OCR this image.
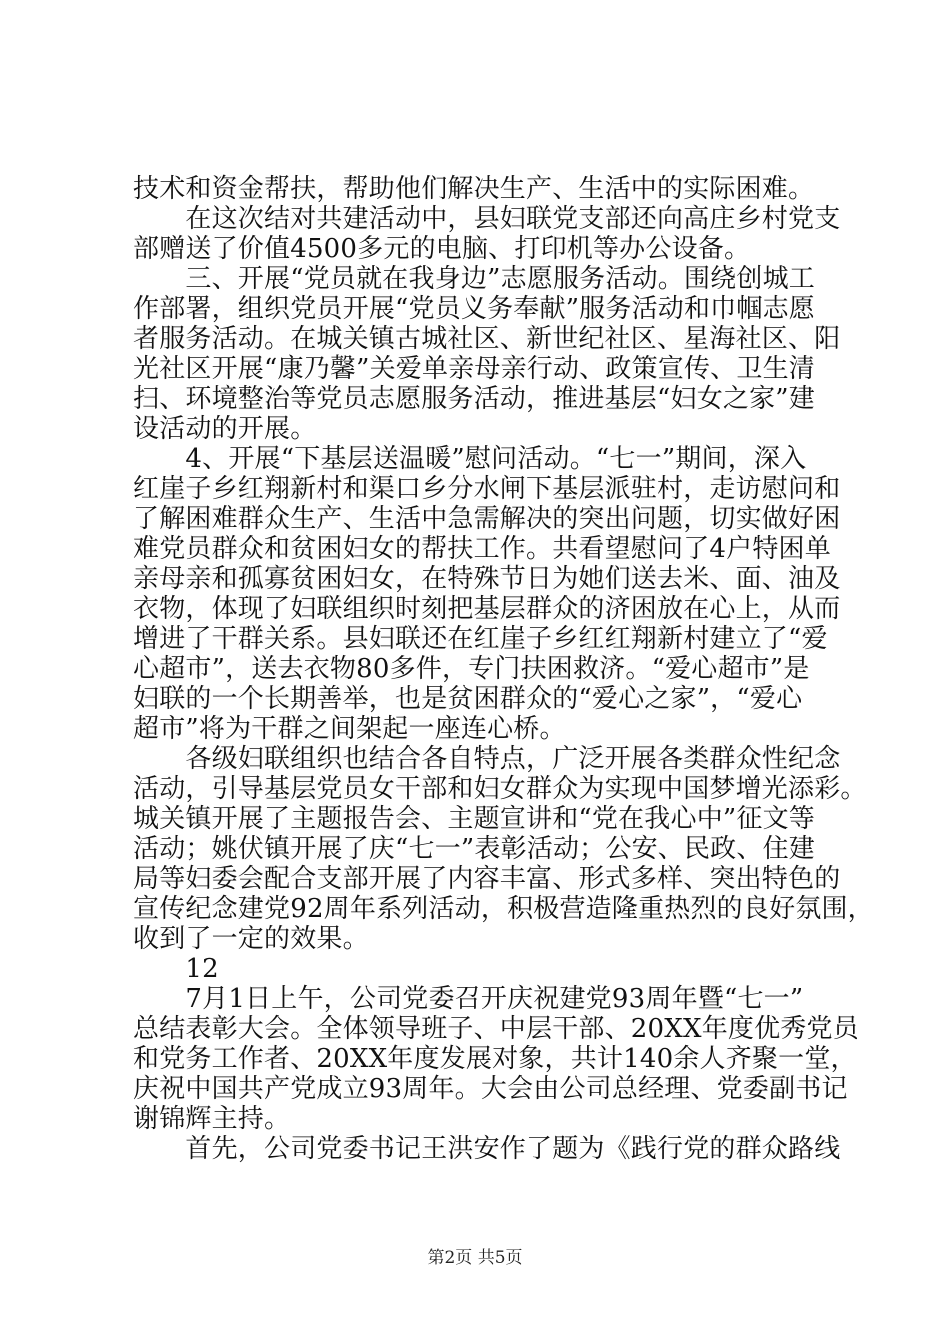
技术和资金帮扶，帮助他们解决生产、生活中的实际困难。
　　在这次结对共建活动中，县妇联党支部还向高庄乡村党支
部赠送了价值4500多元的电脑、打印机等办公设备。
　　三、开展“党员就在我身边”志愿服务活动。围绕创城工
作部署，组织党员开展“党员义务奉献”服务活动和巾帼志愿
者服务活动。在城关镇古城社区、新世纪社区、星海社区、阳
光社区开展“康乃馨”关爱单亲母亲行动、政策宣传、卫生清
扫、环境整治等党员志愿服务活动，推进基层“妇女之家”建
设活动的开展。
　　4、开展“下基层送温暖”慰问活动。“七一”期间，深入
红崖子乡红翔新村和渠口乡分水闸下基层派驻村，走访慰问和
了解困难群众生产、生活中急需解决的突出问题，切实做好困
难党员群众和贫困妇女的帮扶工作。共看望慰问了4户特困单
亲母亲和孤寡贫困妇女，在特殊节日为她们送去米、面、油及
衣物，体现了妇联组织时刻把基层群众的济困放在心上，从而
增进了干群关系。县妇联还在红崖子乡红红翔新村建立了“爱
心超市”，送去衣物80多件，专门扶困救济。“爱心超市”是
妇联的一个长期善举，也是贫困群众的“爱心之家”，“爱心
超市”将为干群之间架起一座连心桥。
　　各级妇联组织也结合各自特点，广泛开展各类群众性纪念
活动，引导基层党员女干部和妇女群众为实现中国梦增光添彩。
城关镇开展了主题报告会、主题宣讲和“党在我心中”征文等
活动；姚伏镇开展了庆“七一”表彰活动；公安、民政、住建
局等妇委会配合支部开展了内容丰富、形式多样、突出特色的
宣传纪念建党92周年系列活动，积极营造隆重热烈的良好氛围，
收到了一定的效果。
　　12
　　7月1日上午，公司党委召开庆祝建党93周年暨“七一”
总结表彰大会。全体领导班子、中层干部、20XX年度优秀党员
和党务工作者、20XX年度发展对象，共计140余人齐聚一堂，
庆祝中国共产党成立93周年。大会由公司总经理、党委副书记
谢锦辉主持。
　　首先，公司党委书记王洪安作了题为《践行党的群众路线
第2页 共5页
